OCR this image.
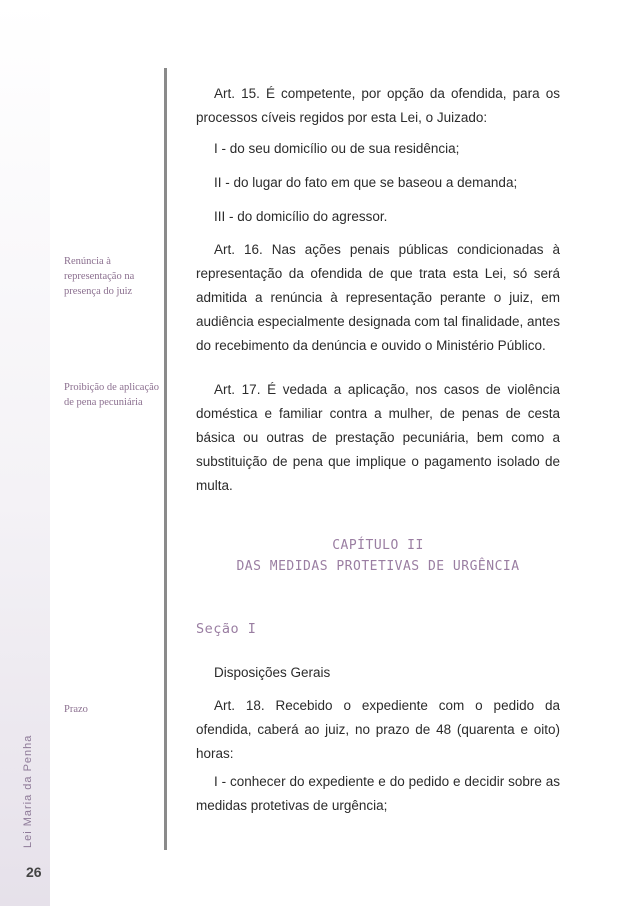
Lei Maria da Penha
26
Renúncia à representação na presença do juiz
Proibição de aplicação de pena pecuniária
Prazo
Art. 15. É competente, por opção da ofendida, para os processos cíveis regidos por esta Lei, o Juizado:
I - do seu domicílio ou de sua residência;
II - do lugar do fato em que se baseou a demanda;
III - do domicílio do agressor.
Art. 16. Nas ações penais públicas condicionadas à representação da ofendida de que trata esta Lei, só será admitida a renúncia à representação perante o juiz, em audiência especialmente designada com tal finalidade, antes do recebimento da denúncia e ouvido o Ministério Público.
Art. 17. É vedada a aplicação, nos casos de violência doméstica e familiar contra a mulher, de penas de cesta básica ou outras de prestação pecuniária, bem como a substituição de pena que implique o pagamento isolado de multa.
CAPÍTULO II
DAS MEDIDAS PROTETIVAS DE URGÊNCIA
Seção I
Disposições Gerais
Art. 18. Recebido o expediente com o pedido da ofendida, caberá ao juiz, no prazo de 48 (quarenta e oito) horas:
I - conhecer do expediente e do pedido e decidir sobre as medidas protetivas de urgência;
